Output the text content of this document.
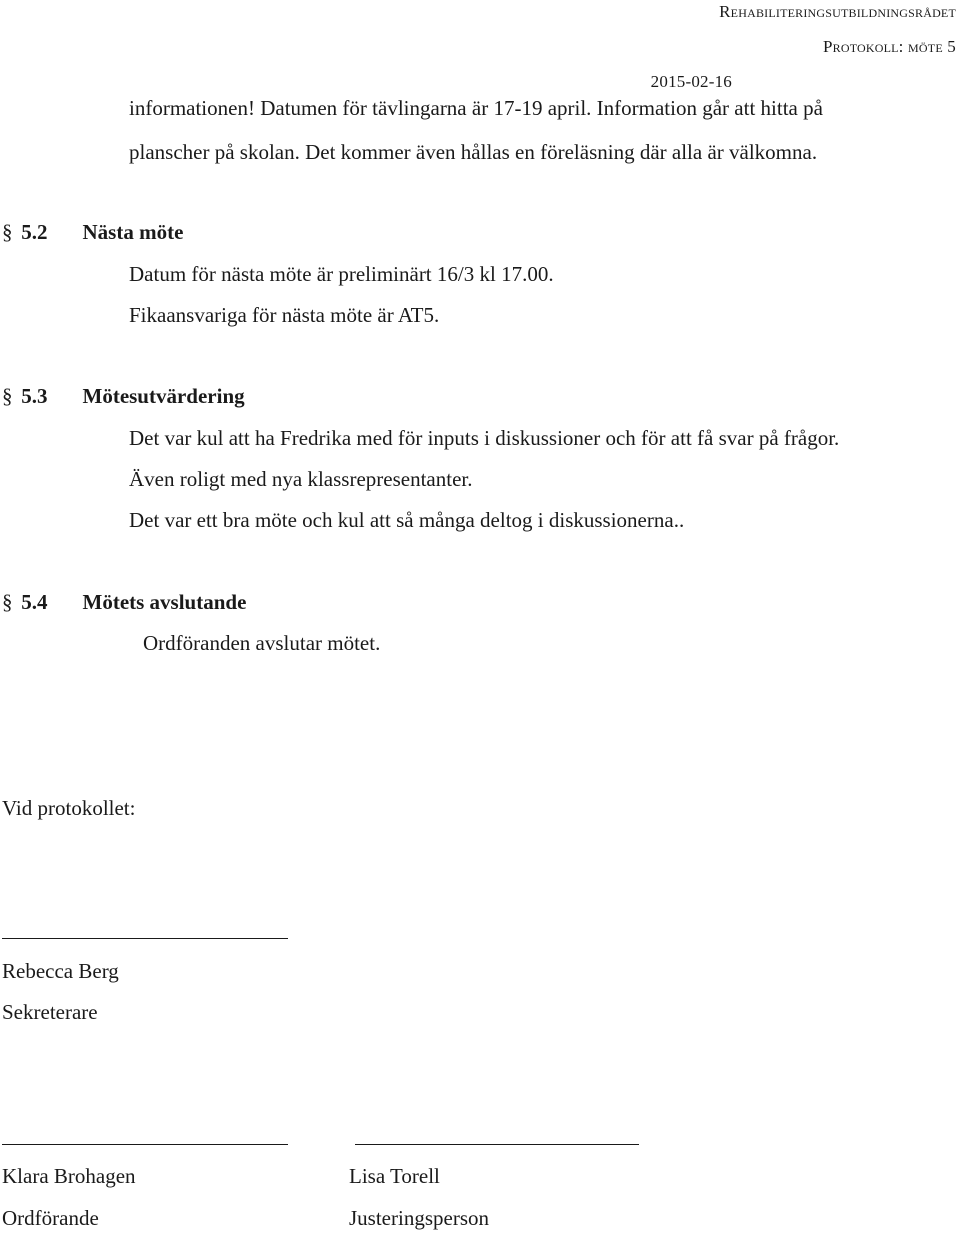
Rehabiliteringsutbildningsrådet
Protokoll: möte 5
2015-02-16
informationen! Datumen för tävlingarna är 17-19 april. Information går att hitta på
planscher på skolan. Det kommer även hållas en föreläsning där alla är välkomna.
§ 5.2 Nästa möte
Datum för nästa möte är preliminärt 16/3 kl 17.00.
Fikaansvariga för nästa möte är AT5.
§ 5.3 Mötesutvärdering
Det var kul att ha Fredrika med för inputs i diskussioner och för att få svar på frågor.
Även roligt med nya klassrepresentanter.
Det var ett bra möte och kul att så många deltog i diskussionerna..
§ 5.4 Mötets avslutande
Ordföranden avslutar mötet.
Vid protokollet:
Rebecca Berg
Sekreterare
Klara Brohagen
Ordförande
Lisa Torell
Justeringsperson
